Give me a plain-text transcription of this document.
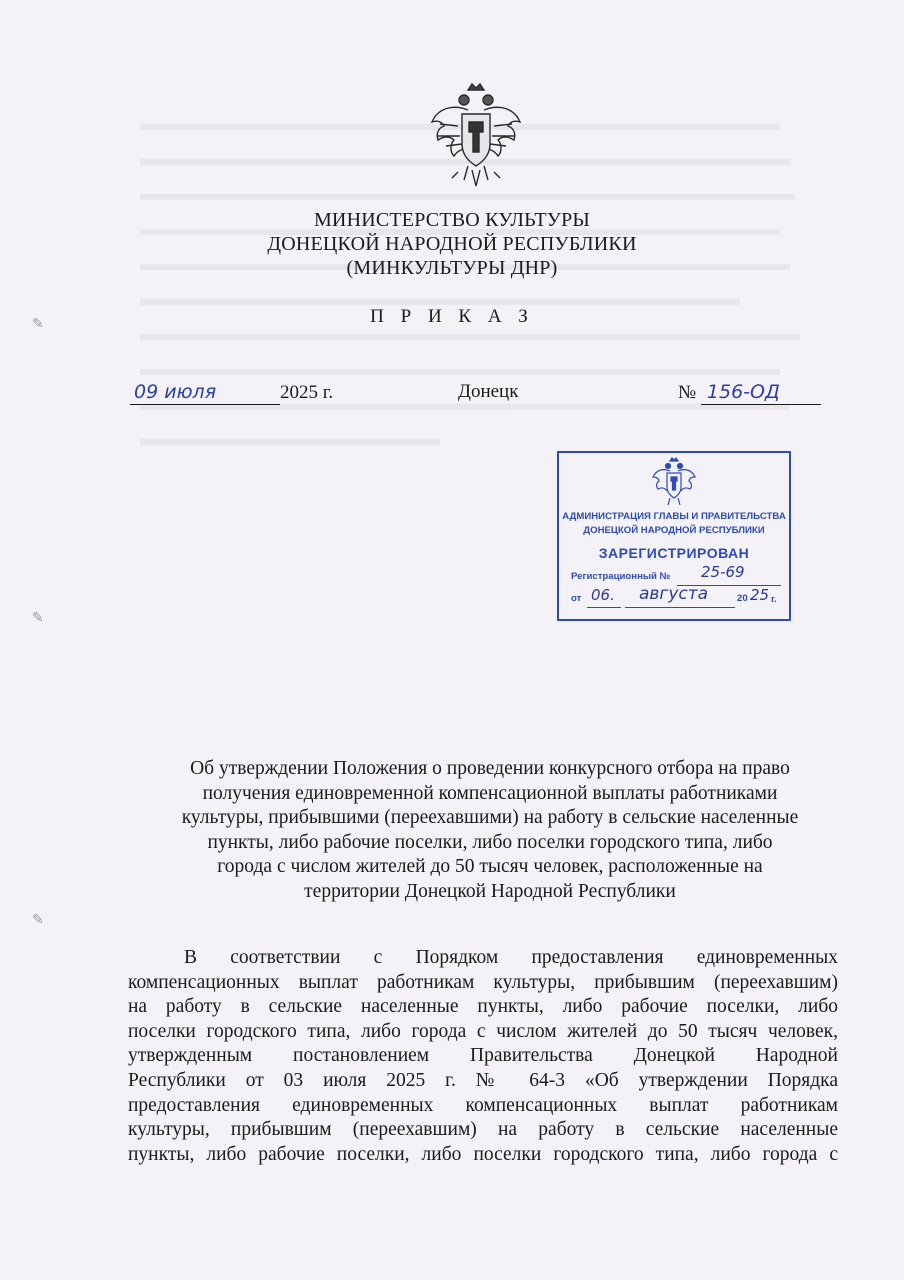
МИНИСТЕРСТВО КУЛЬТУРЫ
ДОНЕЦКОЙ НАРОДНОЙ РЕСПУБЛИКИ
(МИНКУЛЬТУРЫ ДНР)
П Р И К А З
09 июля	2025 г.	Донецк	№ 156-ОД
АДМИНИСТРАЦИЯ ГЛАВЫ И ПРАВИТЕЛЬСТВА
ДОНЕЦКОЙ НАРОДНОЙ РЕСПУБЛИКИ
ЗАРЕГИСТРИРОВАН
Регистрационный № 25-69
от 06. августа	20 25 г.
Об утверждении Положения о проведении конкурсного отбора на право
получения единовременной компенсационной выплаты работниками
культуры, прибывшими (переехавшими) на работу в сельские населенные
пункты, либо рабочие поселки, либо поселки городского типа, либо
города с числом жителей до 50 тысяч человек, расположенные на
территории Донецкой Народной Республики
В соответствии с Порядком предоставления единовременных
компенсационных выплат работникам культуры, прибывшим (переехавшим)
на работу в сельские населенные пункты, либо рабочие поселки, либо
поселки городского типа, либо города с числом жителей до 50 тысяч человек,
утвержденным постановлением Правительства Донецкой Народной
Республики от 03 июля 2025 г. № 64-3 «Об утверждении Порядка
предоставления единовременных компенсационных выплат работникам
культуры, прибывшим (переехавшим) на работу в сельские населенные
пункты, либо рабочие поселки, либо поселки городского типа, либо города с
✎
✎
✎
